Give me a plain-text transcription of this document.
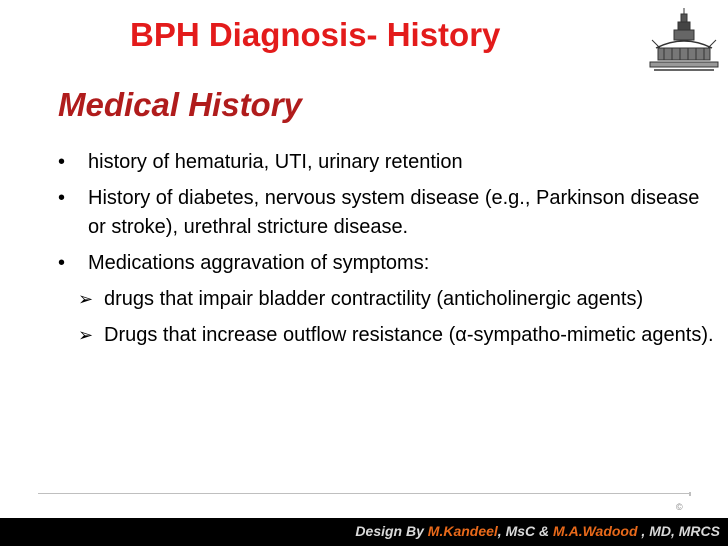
BPH Diagnosis- History
Medical History
• history of hematuria, UTI, urinary retention
• History of diabetes, nervous system disease (e.g., Parkinson disease or stroke), urethral stricture disease.
• Medications aggravation of symptoms:
➢ drugs that impair bladder contractility (anticholinergic agents)
➢ Drugs that increase outflow resistance (α-sympatho-mimetic agents).
©
Design By M.Kandeel, MsC & M.A.Wadood , MD, MRCS
